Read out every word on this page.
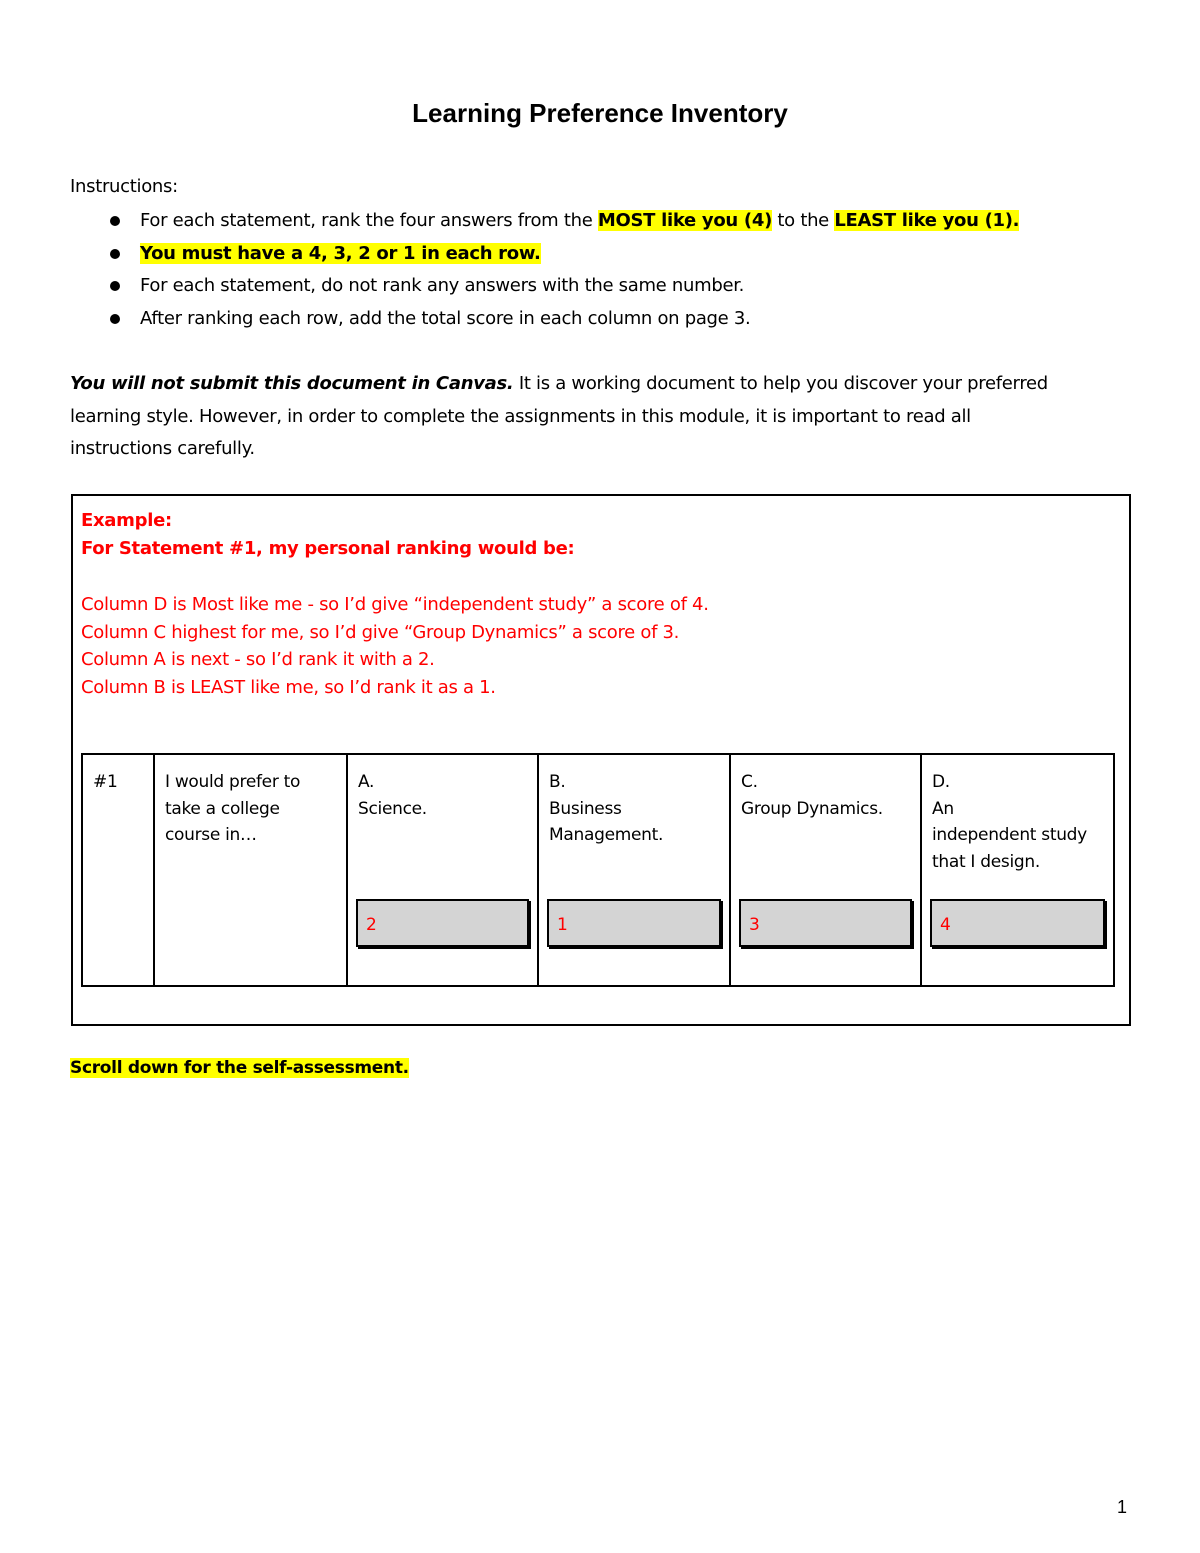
Learning Preference Inventory
Instructions:
For each statement, rank the four answers from the MOST like you (4) to the LEAST like you (1).
You must have a 4, 3, 2 or 1 in each row.
For each statement, do not rank any answers with the same number.
After ranking each row, add the total score in each column on page 3.
You will not submit this document in Canvas. It is a working document to help you discover your preferred
learning style. However, in order to complete the assignments in this module, it is important to read all
instructions carefully.
Example:
For Statement #1, my personal ranking would be:
Column D is Most like me - so I’d give “independent study” a score of 4.
Column C highest for me, so I’d give “Group Dynamics” a score of 3.
Column A is next - so I’d rank it with a 2.
Column B is LEAST like me, so I’d rank it as a 1.
#1	I would prefer to
take a college
course in…
A.
Science.
2
B.
Business
Management.
1
C.
Group Dynamics.
3
D.
An
independent study
that I design.
4
Scroll down for the self-assessment.
1
